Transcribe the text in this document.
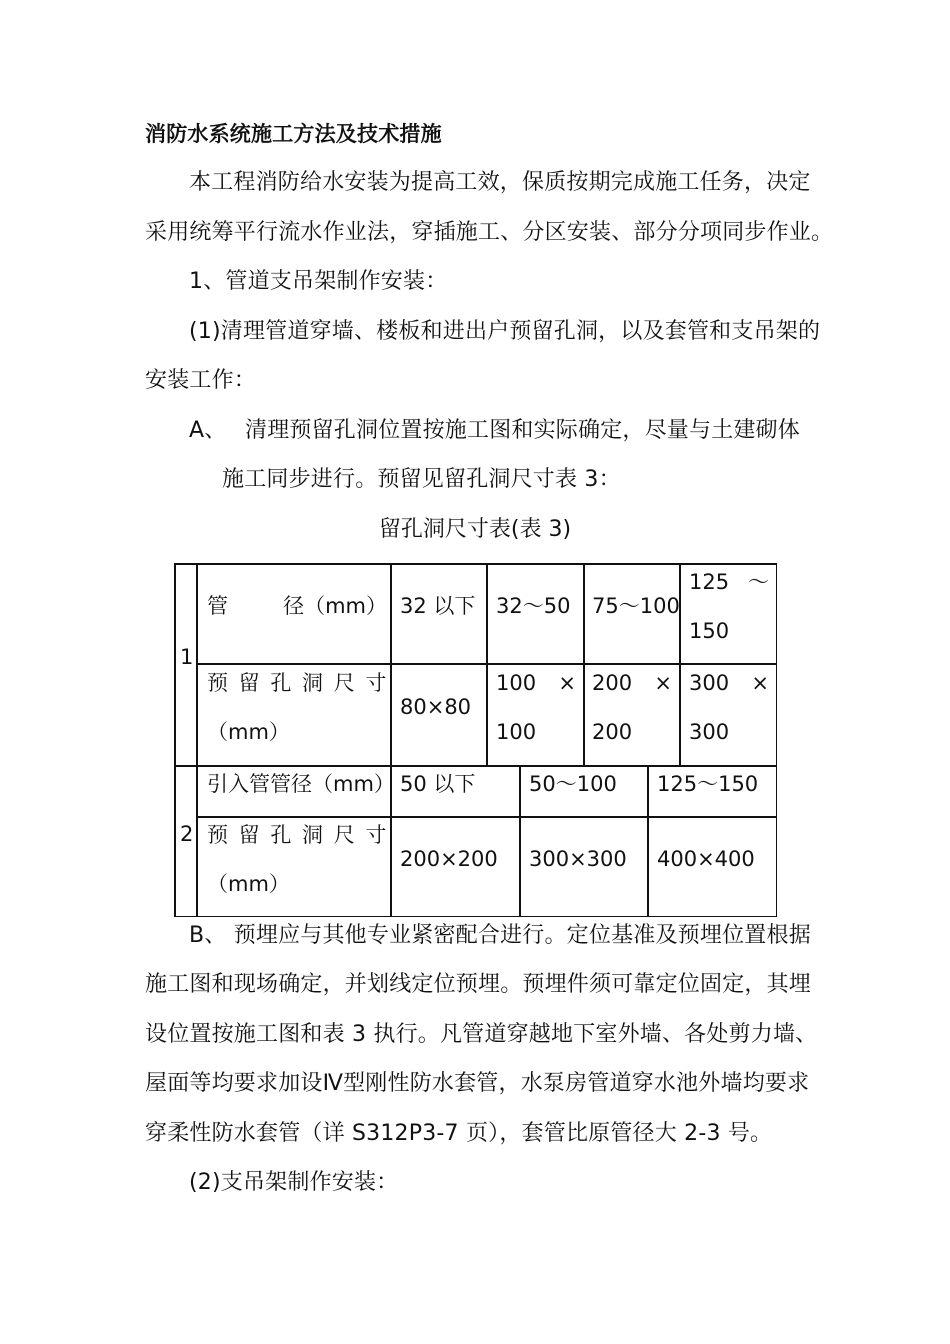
消防水系统施工方法及技术措施
本工程消防给水安装为提高工效，保质按期完成施工任务，决定
采用统筹平行流水作业法，穿插施工、分区安装、部分分项同步作业。
1、管道支吊架制作安装：
(1)清理管道穿墙、楼板和进出户预留孔洞，以及套管和支吊架的
安装工作：
A、 清理预留孔洞位置按施工图和实际确定，尽量与土建砌体
施工同步进行。预留见留孔洞尺寸表 3：
留孔洞尺寸表(表 3)
1
2
管	径（mm） 32 以下 32～50 75～100
125 ～
150
预 留 孔 洞 尺 寸
（mm）
80×80
100 ×
100
200 ×
200
300 ×
300
引入管管径（mm） 50 以下	50～100 125～150
预 留 孔 洞 尺 寸
（mm）
200×200 300×300 400×400
B、 预埋应与其他专业紧密配合进行。定位基准及预埋位置根据
施工图和现场确定，并划线定位预埋。预埋件须可靠定位固定，其埋
设位置按施工图和表 3 执行。凡管道穿越地下室外墙、各处剪力墙、
屋面等均要求加设Ⅳ型刚性防水套管，水泵房管道穿水池外墙均要求
穿柔性防水套管（详 S312P3-7 页），套管比原管径大 2-3 号。
(2)支吊架制作安装：
